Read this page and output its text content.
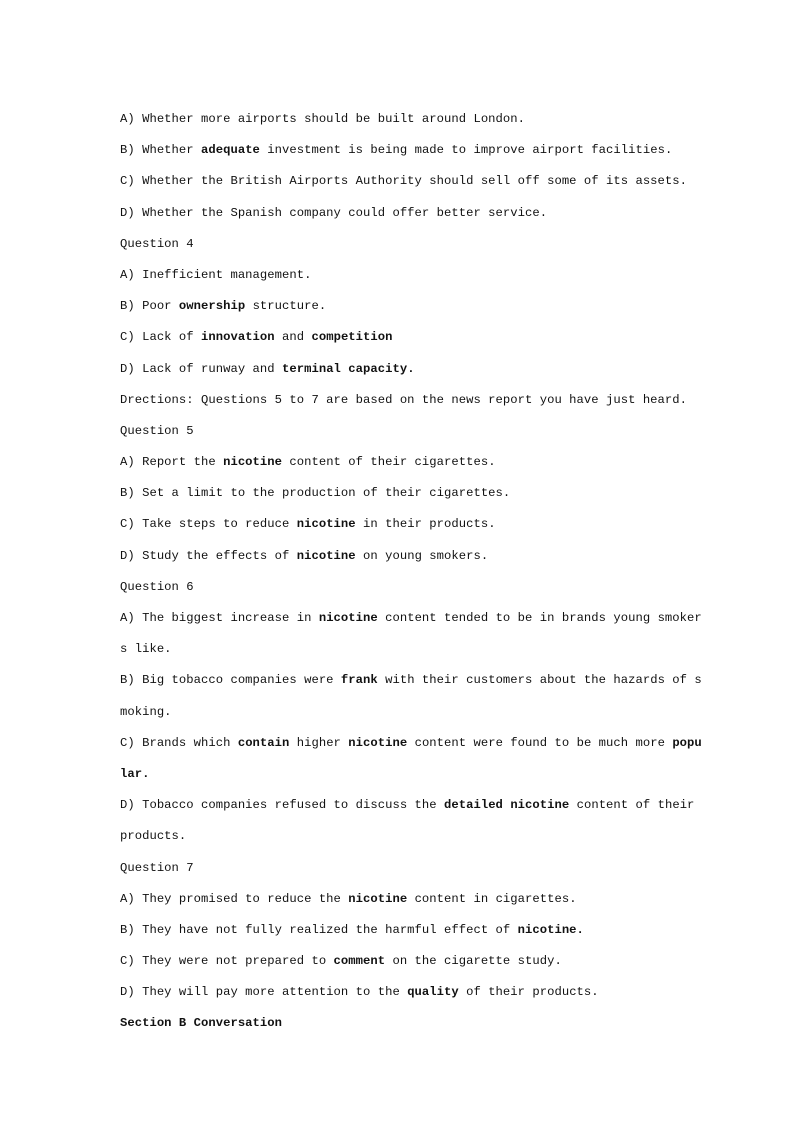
A) Whether more airports should be built around London.
B) Whether adequate investment is being made to improve airport facilities.
C) Whether the British Airports Authority should sell off some of its assets.
D) Whether the Spanish company could offer better service.
Question 4
A) Inefficient management.
B) Poor ownership structure.
C) Lack of innovation and competition
D) Lack of runway and terminal capacity.
Drections: Questions 5 to 7 are based on the news report you have just heard.
Question 5
A) Report the nicotine content of their cigarettes.
B) Set a limit to the production of their cigarettes.
C) Take steps to reduce nicotine in their products.
D) Study the effects of nicotine on young smokers.
Question 6
A) The biggest increase in nicotine content tended to be in brands young smoker
s like.
B) Big tobacco companies were frank with their customers about the hazards of s
moking.
C) Brands which contain higher nicotine content were found to be much more popu
lar.
D) Tobacco companies refused to discuss the detailed nicotine content of their
products.
Question 7
A) They promised to reduce the nicotine content in cigarettes.
B) They have not fully realized the harmful effect of nicotine.
C) They were not prepared to comment on the cigarette study.
D) They will pay more attention to the quality of their products.
Section B Conversation
